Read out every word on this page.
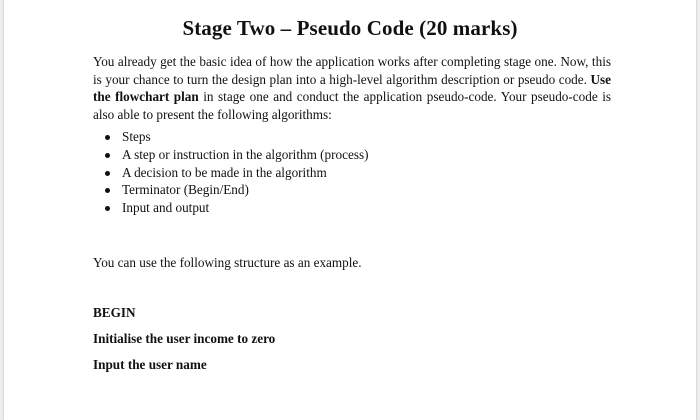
Stage Two – Pseudo Code (20 marks)

You already get the basic idea of how the application works after completing stage one. Now, this is your chance to turn the design plan into a high-level algorithm description or pseudo code. Use the flowchart plan in stage one and conduct the application pseudo-code. Your pseudo-code is also able to present the following algorithms:

Steps
A step or instruction in the algorithm (process)
A decision to be made in the algorithm
Terminator (Begin/End)
Input and output

You can use the following structure as an example.

BEGIN

Initialise the user income to zero

Input the user name
